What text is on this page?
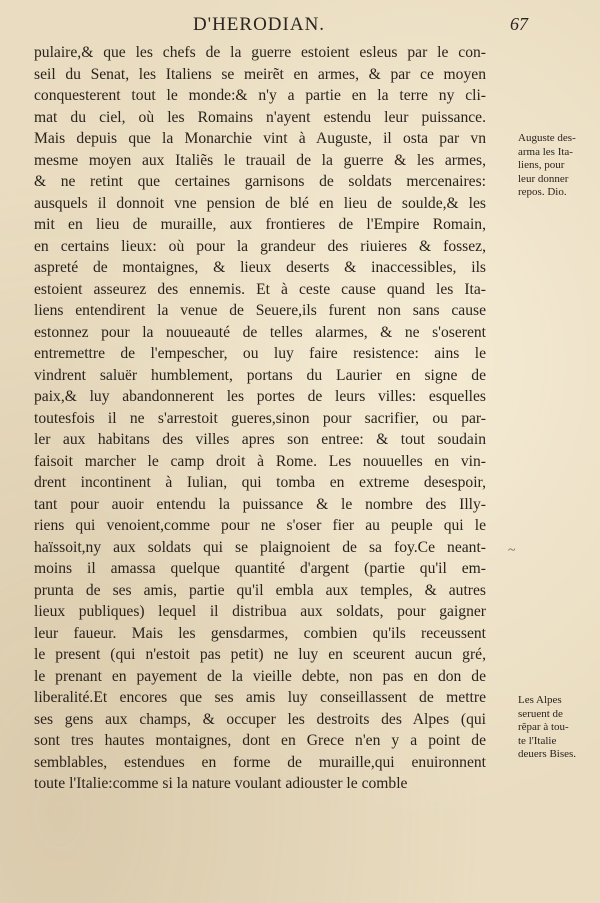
D'HERODIAN.	67
pulaire,& que les chefs de la guerre estoient esleus par le con-
seil du Senat, les Italiens se meirẽt en armes, & par ce moyen
conquesterent tout le monde:& n'y a partie en la terre ny cli-
mat du ciel, où les Romains n'ayent estendu leur puissance.
Mais depuis que la Monarchie vint à Auguste, il osta par vn
mesme moyen aux Italiẽs le trauail de la guerre & les armes,
& ne retint que certaines garnisons de soldats mercenaires:
ausquels il donnoit vne pension de blé en lieu de soulde,& les
mit en lieu de muraille, aux frontieres de l'Empire Romain,
en certains lieux: où pour la grandeur des riuieres & fossez,
aspreté de montaignes, & lieux deserts & inaccessibles, ils
estoient asseurez des ennemis. Et à ceste cause quand les Ita-
liens entendirent la venue de Seuere,ils furent non sans cause
estonnez pour la nouueauté de telles alarmes, & ne s'oserent
entremettre de l'empescher, ou luy faire resistence: ains le
vindrent saluër humblement, portans du Laurier en signe de
paix,& luy abandonnerent les portes de leurs villes: esquelles
toutesfois il ne s'arrestoit gueres,sinon pour sacrifier, ou par-
ler aux habitans des villes apres son entree: & tout soudain
faisoit marcher le camp droit à Rome. Les nouuelles en vin-
drent incontinent à Iulian, qui tomba en extreme desespoir,
tant pour auoir entendu la puissance & le nombre des Illy-
riens qui venoient,comme pour ne s'oser fier au peuple qui le
haïssoit,ny aux soldats qui se plaignoient de sa foy.Ce neant-
moins il amassa quelque quantité d'argent (partie qu'il em-
prunta de ses amis, partie qu'il embla aux temples, & autres
lieux publiques) lequel il distribua aux soldats, pour gaigner
leur faueur. Mais les gensdarmes, combien qu'ils receussent
le present (qui n'estoit pas petit) ne luy en sceurent aucun gré,
le prenant en payement de la vieille debte, non pas en don de
liberalité.Et encores que ses amis luy conseillassent de mettre
ses gens aux champs, & occuper les destroits des Alpes (qui
sont tres hautes montaignes, dont en Grece n'en y a point de
semblables, estendues en forme de muraille,qui enuironnent
toute l'Italie:comme si la nature voulant adiouster le comble
Auguste des-
arma les Ita-
liens, pour
leur donner
repos. Dio.
Les Alpes
seruent de
rẽpar à tou-
te l'Italie
deuers Bises.
~
